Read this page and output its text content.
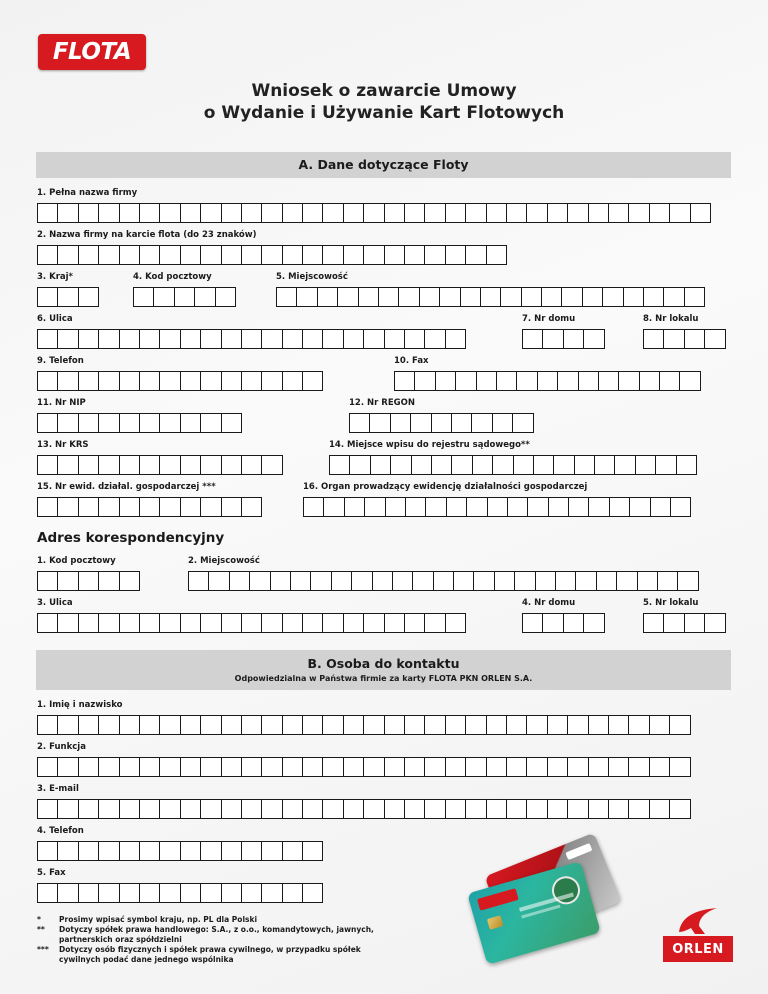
FLOTA
Wniosek o zawarcie Umowy
o Wydanie i Używanie Kart Flotowych
A. Dane dotyczące Floty
1. Pełna nazwa firmy
2. Nazwa firmy na karcie flota (do 23 znaków)
3. Kraj*	4. Kod pocztowy	5. Miejscowość
6. Ulica	7. Nr domu	8. Nr lokalu
9. Telefon	10. Fax
11. Nr NIP	12. Nr REGON
13. Nr KRS	14. Miejsce wpisu do rejestru sądowego**
15. Nr ewid. działal. gospodarczej ***	16. Organ prowadzący ewidencję działalności gospodarczej
Adres korespondencyjny
1. Kod pocztowy	2. Miejscowość
3. Ulica	4. Nr domu	5. Nr lokalu
B. Osoba do kontaktu
Odpowiedzialna w Państwa firmie za karty FLOTA PKN ORLEN S.A.
1. Imię i nazwisko
2. Funkcja
3. E-mail
4. Telefon
5. Fax
* Prosimy wpisać symbol kraju, np. PL dla Polski
** Dotyczy spółek prawa handlowego: S.A., z o.o., komandytowych, jawnych, partnerskich oraz spółdzielni
*** Dotyczy osób fizycznych i spółek prawa cywilnego, w przypadku spółek cywilnych podać dane jednego wspólnika
ORLEN
